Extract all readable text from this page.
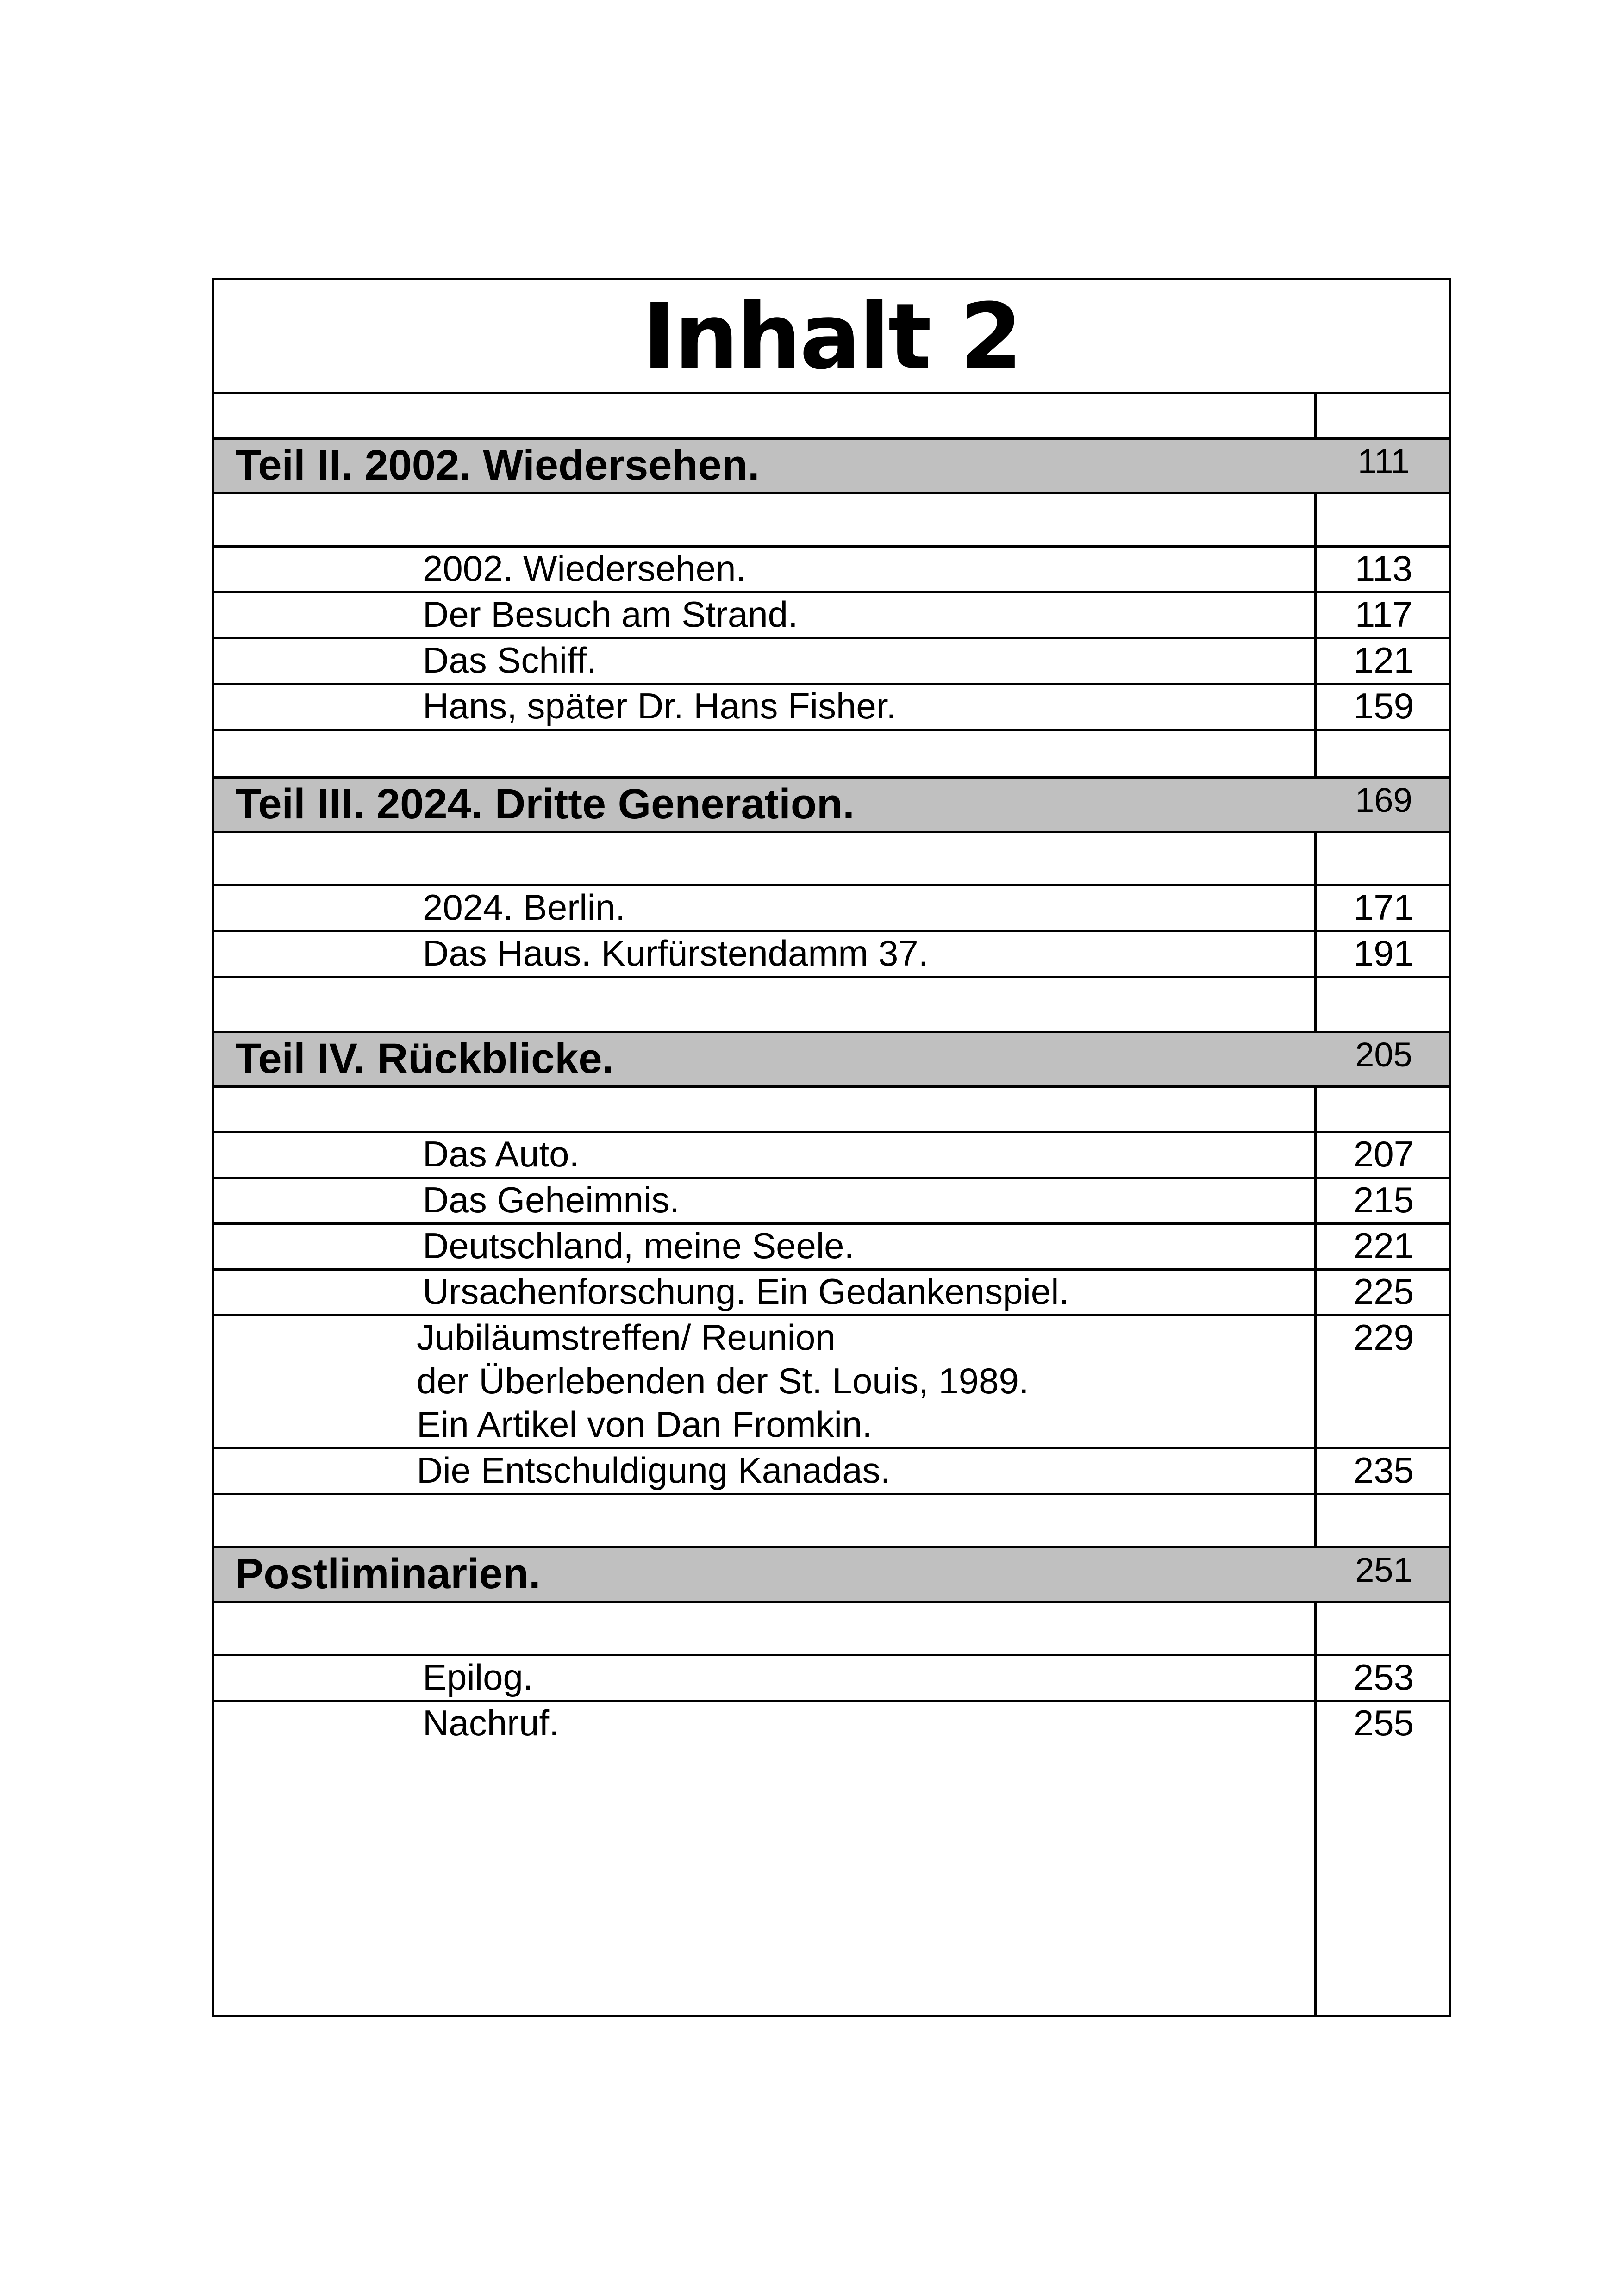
Inhalt 2
Teil II. 2002. Wiedersehen.	111
2002. Wiedersehen.	113
Der Besuch am Strand.	117
Das Schiff.	121
Hans, später Dr. Hans Fisher.	159
Teil III. 2024. Dritte Generation.	169
2024. Berlin.	171
Das Haus. Kurfürstendamm 37.	191
Teil IV. Rückblicke.	205
Das Auto.	207
Das Geheimnis.	215
Deutschland, meine Seele.	221
Ursachenforschung. Ein Gedankenspiel.	225
Jubiläumstreffen/ Reunion
der Überlebenden der St. Louis, 1989.
Ein Artikel von Dan Fromkin.
229
Die Entschuldigung Kanadas.	235
Postliminarien.	251
Epilog.	253
Nachruf.	255
